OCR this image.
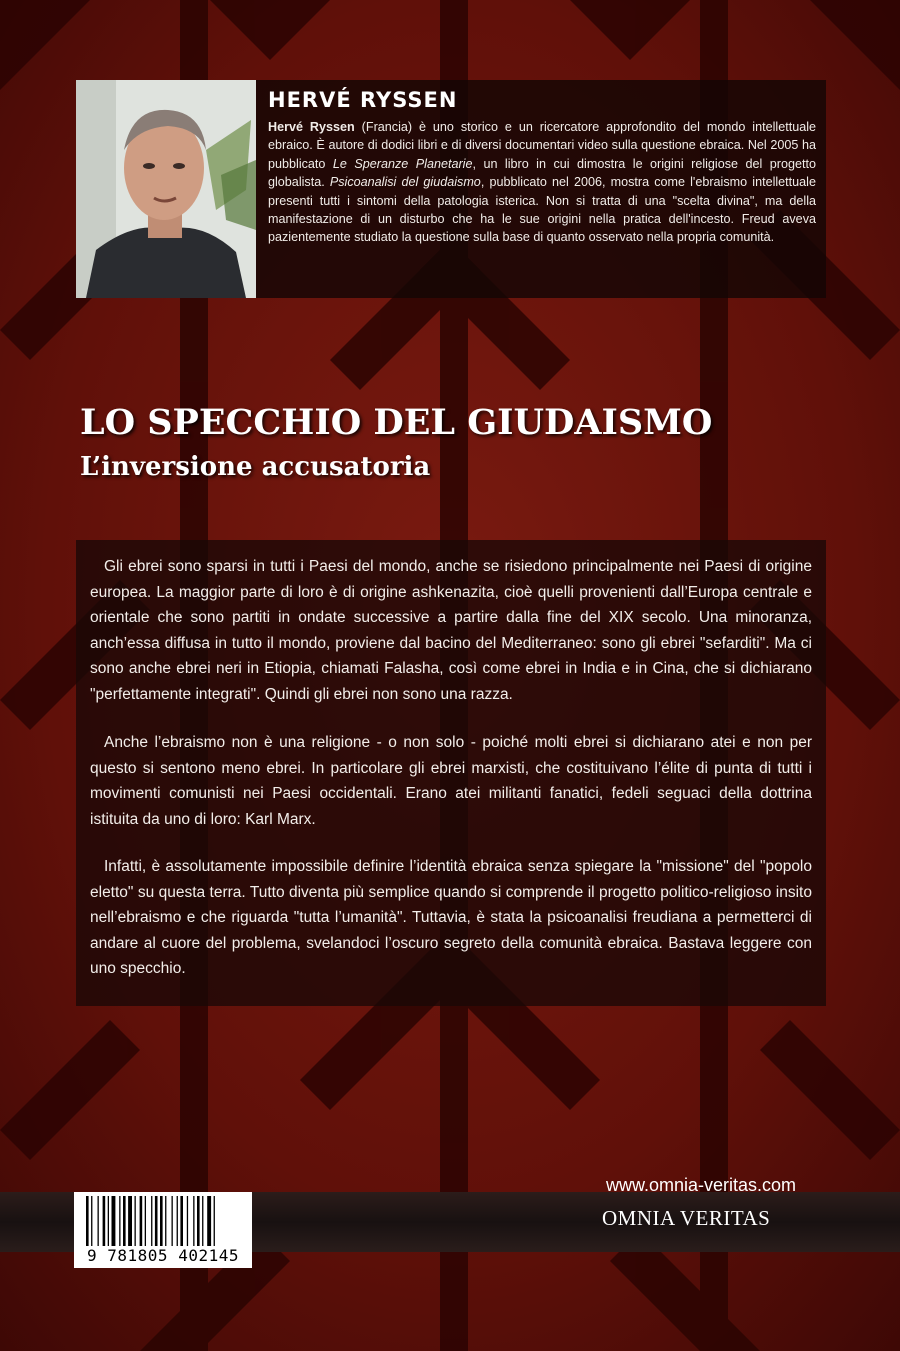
HERVÉ RYSSEN
Hervé Ryssen (Francia) è uno storico e un ricercatore approfondito del mondo intellettuale ebraico. È autore di dodici libri e di diversi documentari video sulla questione ebraica. Nel 2005 ha pubblicato Le Speranze Planetarie, un libro in cui dimostra le origini religiose del progetto globalista. Psicoanalisi del giudaismo, pubblicato nel 2006, mostra come l'ebraismo intellettuale presenti tutti i sintomi della patologia isterica. Non si tratta di una "scelta divina", ma della manifestazione di un disturbo che ha le sue origini nella pratica dell'incesto. Freud aveva pazientemente studiato la questione sulla base di quanto osservato nella propria comunità.
LO SPECCHIO DEL GIUDAISMO
L’inversione accusatoria

Gli ebrei sono sparsi in tutti i Paesi del mondo, anche se risiedono principalmente nei Paesi di origine europea. La maggior parte di loro è di origine ashkenazita, cioè quelli provenienti dall’Europa centrale e orientale che sono partiti in ondate successive a partire dalla fine del XIX secolo. Una minoranza, anch’essa diffusa in tutto il mondo, proviene dal bacino del Mediterraneo: sono gli ebrei "sefarditi". Ma ci sono anche ebrei neri in Etiopia, chiamati Falasha, così come ebrei in India e in Cina, che si dichiarano "perfettamente integrati". Quindi gli ebrei non sono una razza.

Anche l’ebraismo non è una religione - o non solo - poiché molti ebrei si dichiarano atei e non per questo si sentono meno ebrei. In particolare gli ebrei marxisti, che costituivano l’élite di punta di tutti i movimenti comunisti nei Paesi occidentali. Erano atei militanti fanatici, fedeli seguaci della dottrina istituita da uno di loro: Karl Marx.

Infatti, è assolutamente impossibile definire l’identità ebraica senza spiegare la "missione" del "popolo eletto" su questa terra. Tutto diventa più semplice quando si comprende il progetto politico-religioso insito nell’ebraismo e che riguarda "tutta l’umanità". Tuttavia, è stata la psicoanalisi freudiana a permetterci di andare al cuore del problema, svelandoci l’oscuro segreto della comunità ebraica. Bastava leggere con uno specchio.

9 781805 402145
www.omnia-veritas.com
OMNIA VERITAS
